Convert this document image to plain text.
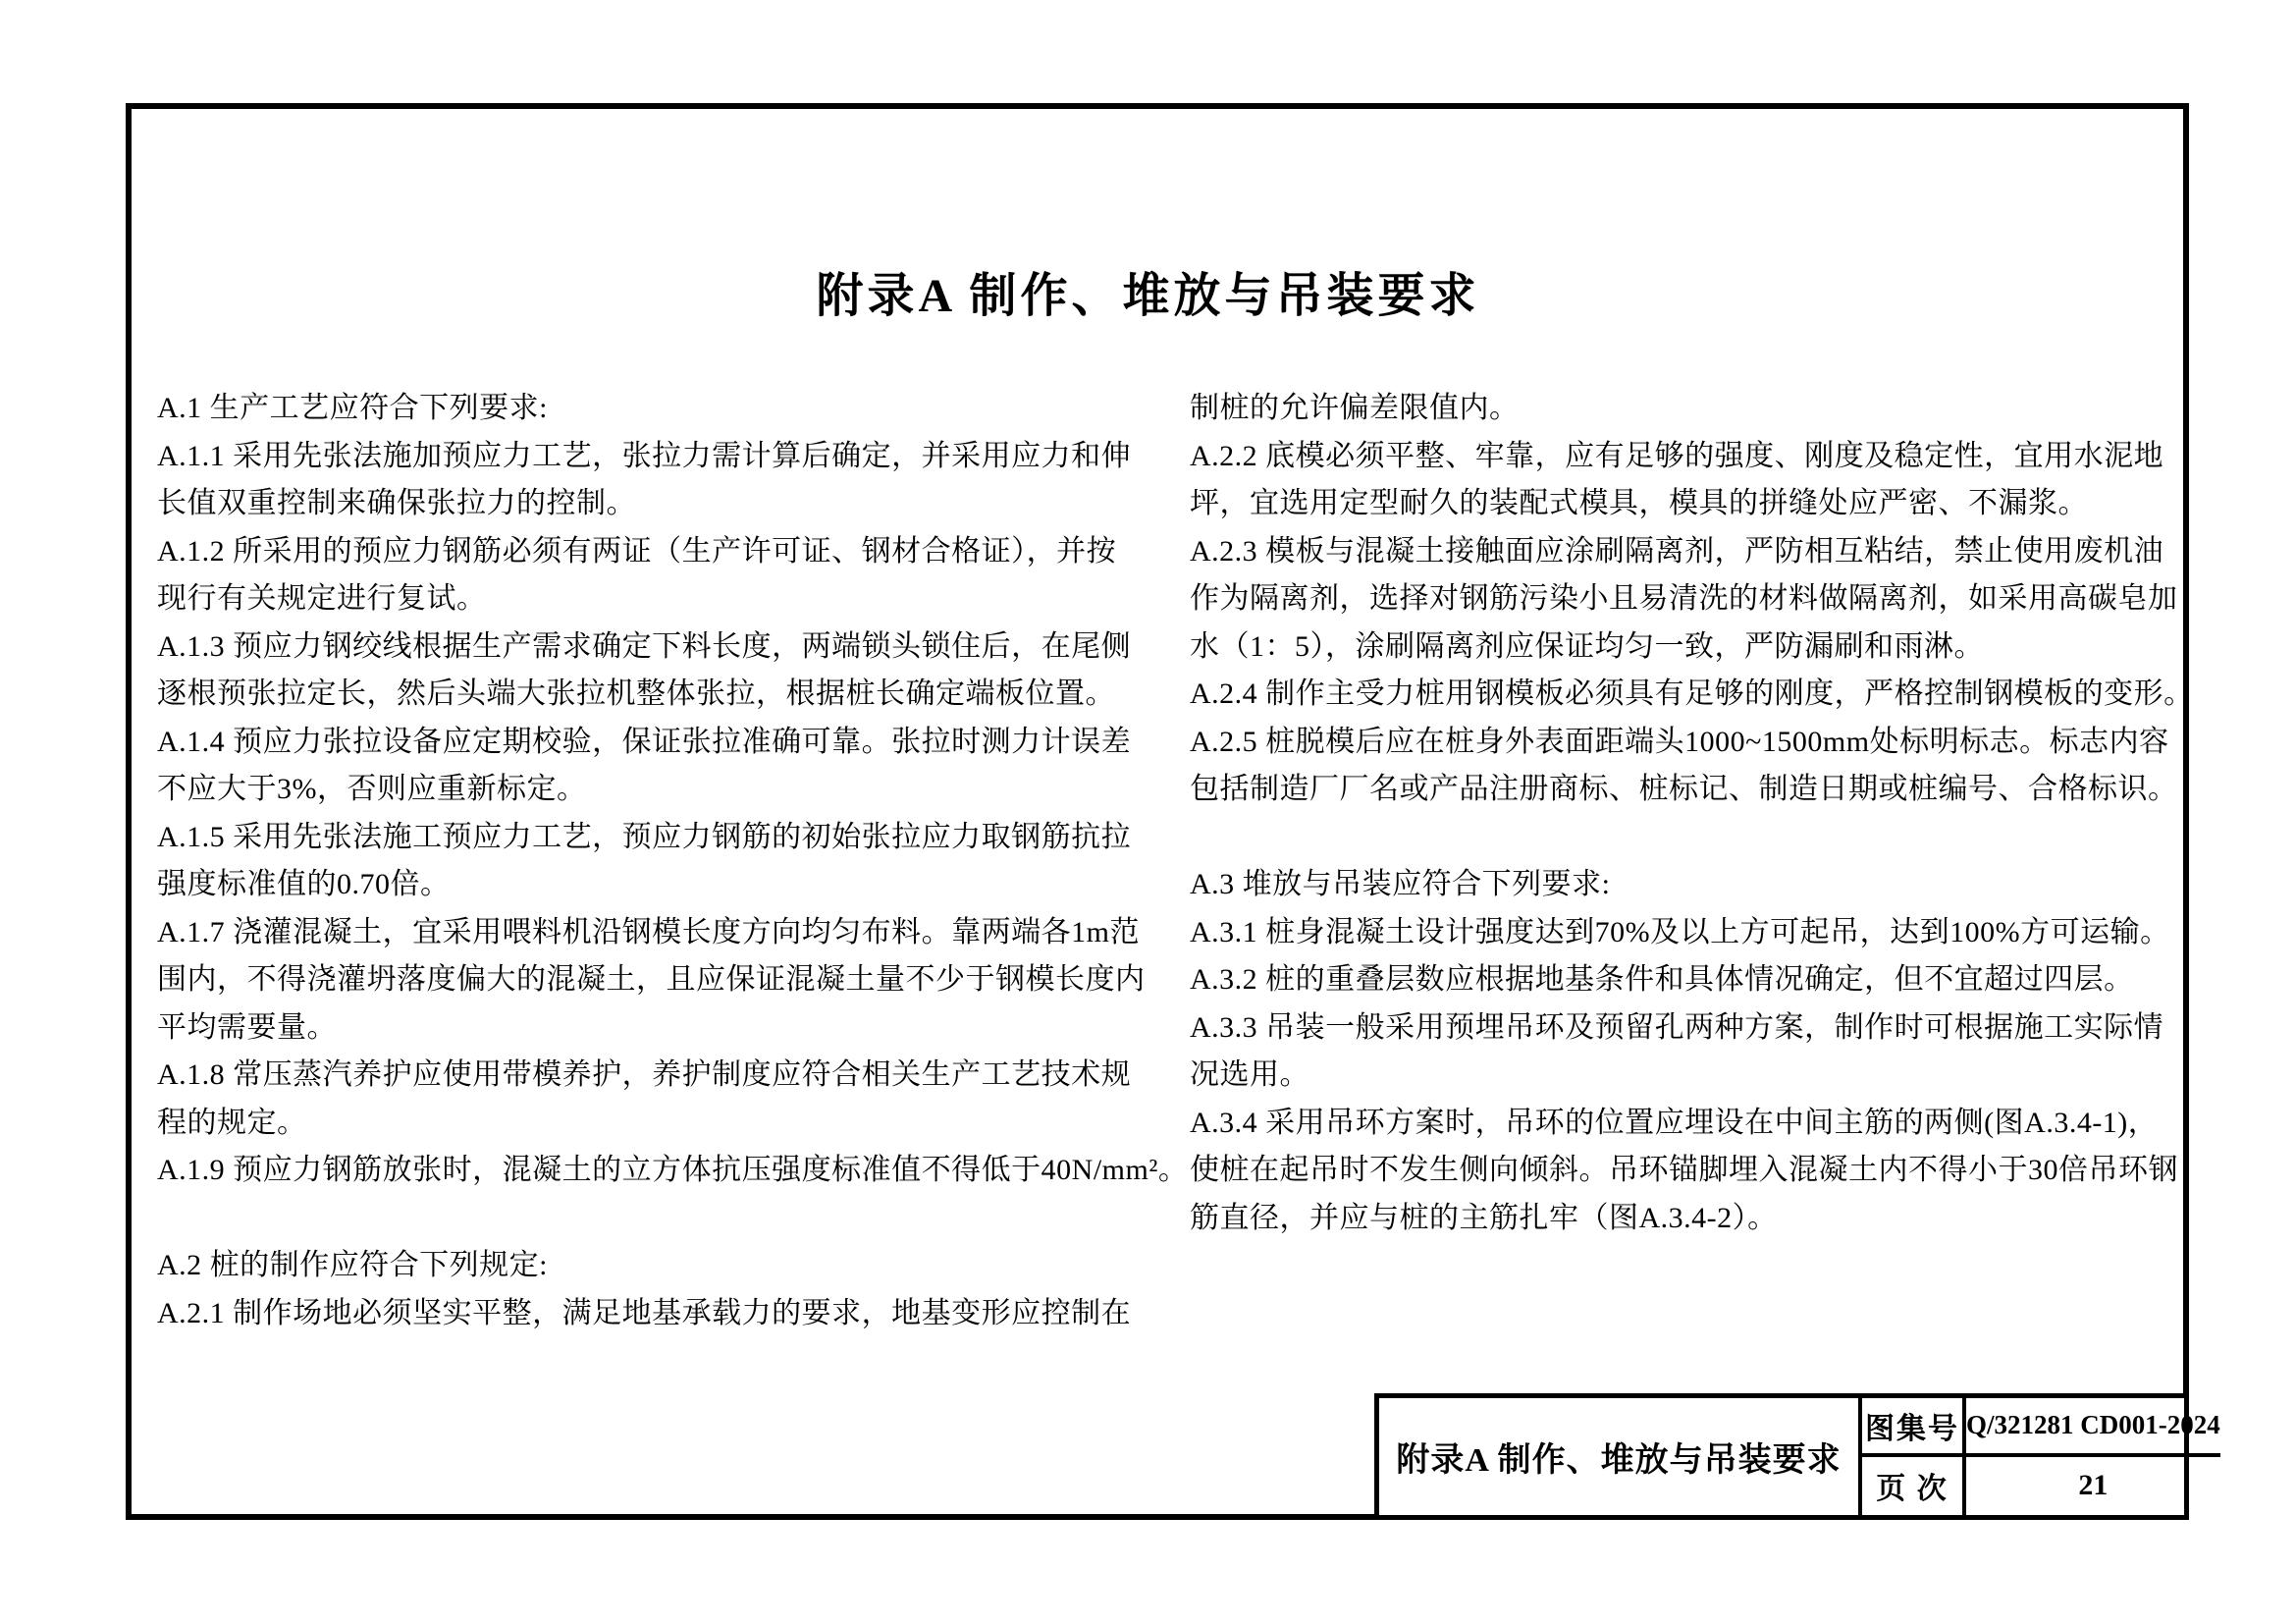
附录A 制作、堆放与吊装要求
A.1 生产工艺应符合下列要求:
A.1.1 采用先张法施加预应力工艺，张拉力需计算后确定，并采用应力和伸
长值双重控制来确保张拉力的控制。
A.1.2 所采用的预应力钢筋必须有两证（生产许可证、钢材合格证），并按
现行有关规定进行复试。
A.1.3 预应力钢绞线根据生产需求确定下料长度，两端锁头锁住后，在尾侧
逐根预张拉定长，然后头端大张拉机整体张拉，根据桩长确定端板位置。
A.1.4 预应力张拉设备应定期校验，保证张拉准确可靠。张拉时测力计误差
不应大于3%，否则应重新标定。
A.1.5 采用先张法施工预应力工艺，预应力钢筋的初始张拉应力取钢筋抗拉
强度标准值的0.70倍。
A.1.7 浇灌混凝土，宜采用喂料机沿钢模长度方向均匀布料。靠两端各1m范
围内，不得浇灌坍落度偏大的混凝土，且应保证混凝土量不少于钢模长度内
平均需要量。
A.1.8 常压蒸汽养护应使用带模养护，养护制度应符合相关生产工艺技术规
程的规定。
A.1.9 预应力钢筋放张时，混凝土的立方体抗压强度标准值不得低于40N/mm²。
A.2 桩的制作应符合下列规定:
A.2.1 制作场地必须坚实平整，满足地基承载力的要求，地基变形应控制在
制桩的允许偏差限值内。
A.2.2 底模必须平整、牢靠，应有足够的强度、刚度及稳定性，宜用水泥地
坪，宜选用定型耐久的装配式模具，模具的拼缝处应严密、不漏浆。
A.2.3 模板与混凝土接触面应涂刷隔离剂，严防相互粘结，禁止使用废机油
作为隔离剂，选择对钢筋污染小且易清洗的材料做隔离剂，如采用高碳皂加
水（1：5），涂刷隔离剂应保证均匀一致，严防漏刷和雨淋。
A.2.4 制作主受力桩用钢模板必须具有足够的刚度，严格控制钢模板的变形。
A.2.5 桩脱模后应在桩身外表面距端头1000~1500mm处标明标志。标志内容
包括制造厂厂名或产品注册商标、桩标记、制造日期或桩编号、合格标识。
A.3 堆放与吊装应符合下列要求:
A.3.1 桩身混凝土设计强度达到70%及以上方可起吊，达到100%方可运输。
A.3.2 桩的重叠层数应根据地基条件和具体情况确定，但不宜超过四层。
A.3.3 吊装一般采用预埋吊环及预留孔两种方案，制作时可根据施工实际情
况选用。
A.3.4 采用吊环方案时，吊环的位置应埋设在中间主筋的两侧(图A.3.4-1)，
使桩在起吊时不发生侧向倾斜。吊环锚脚埋入混凝土内不得小于30倍吊环钢
筋直径，并应与桩的主筋扎牢（图A.3.4-2）。
附录A 制作、堆放与吊装要求
图集号 Q/321281 CD001-2024
页 次	21
